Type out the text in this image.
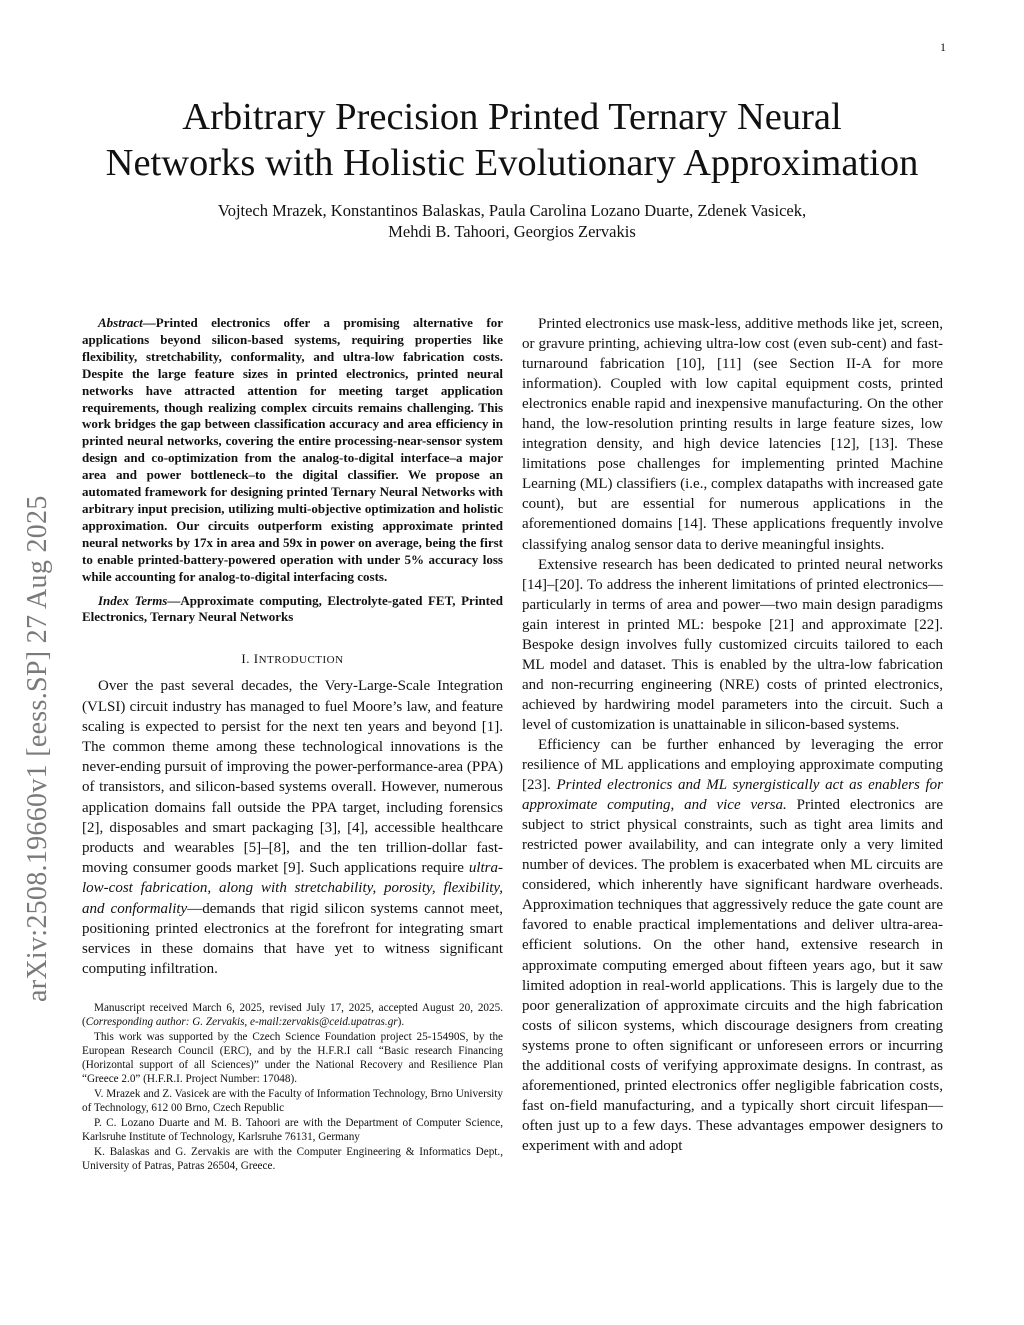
1
arXiv:2508.19660v1 [eess.SP] 27 Aug 2025
Arbitrary Precision Printed Ternary Neural
Networks with Holistic Evolutionary Approximation
Vojtech Mrazek, Konstantinos Balaskas, Paula Carolina Lozano Duarte, Zdenek Vasicek,
Mehdi B. Tahoori, Georgios Zervakis

Abstract—Printed electronics offer a promising alternative for applications beyond silicon-based systems, requiring properties like flexibility, stretchability, conformality, and ultra-low fabrication costs. Despite the large feature sizes in printed electronics, printed neural networks have attracted attention for meeting target application requirements, though realizing complex circuits remains challenging. This work bridges the gap between classification accuracy and area efficiency in printed neural networks, covering the entire processing-near-sensor system design and co-optimization from the analog-to-digital interface–a major area and power bottleneck–to the digital classifier. We propose an automated framework for designing printed Ternary Neural Networks with arbitrary input precision, utilizing multi-objective optimization and holistic approximation. Our circuits outperform existing approximate printed neural networks by 17x in area and 59x in power on average, being the first to enable printed-battery-powered operation with under 5% accuracy loss while accounting for analog-to-digital interfacing costs.

Index Terms—Approximate computing, Electrolyte-gated FET, Printed Electronics, Ternary Neural Networks

I. INTRODUCTION

Over the past several decades, the Very-Large-Scale Integration (VLSI) circuit industry has managed to fuel Moore’s law, and feature scaling is expected to persist for the next ten years and beyond [1]. The common theme among these technological innovations is the never-ending pursuit of improving the power-performance-area (PPA) of transistors, and silicon-based systems overall. However, numerous application domains fall outside the PPA target, including forensics [2], disposables and smart packaging [3], [4], accessible healthcare products and wearables [5]–[8], and the ten trillion-dollar fast-moving consumer goods market [9]. Such applications require ultra-low-cost fabrication, along with stretchability, porosity, flexibility, and conformality—demands that rigid silicon systems cannot meet, positioning printed electronics at the forefront for integrating smart services in these domains that have yet to witness significant computing infiltration.

Manuscript received March 6, 2025, revised July 17, 2025, accepted August 20, 2025. (Corresponding author: G. Zervakis, e-mail:zervakis@ceid.upatras.gr).

This work was supported by the Czech Science Foundation project 25-15490S, by the European Research Council (ERC), and by the H.F.R.I call “Basic research Financing (Horizontal support of all Sciences)” under the National Recovery and Resilience Plan “Greece 2.0” (H.F.R.I. Project Number: 17048).

V. Mrazek and Z. Vasicek are with the Faculty of Information Technology, Brno University of Technology, 612 00 Brno, Czech Republic

P. C. Lozano Duarte and M. B. Tahoori are with the Department of Computer Science, Karlsruhe Institute of Technology, Karlsruhe 76131, Germany

K. Balaskas and G. Zervakis are with the Computer Engineering & Informatics Dept., University of Patras, Patras 26504, Greece.

Printed electronics use mask-less, additive methods like jet, screen, or gravure printing, achieving ultra-low cost (even sub-cent) and fast-turnaround fabrication [10], [11] (see Section II-A for more information). Coupled with low capital equipment costs, printed electronics enable rapid and inexpensive manufacturing. On the other hand, the low-resolution printing results in large feature sizes, low integration density, and high device latencies [12], [13]. These limitations pose challenges for implementing printed Machine Learning (ML) classifiers (i.e., complex datapaths with increased gate count), but are essential for numerous applications in the aforementioned domains [14]. These applications frequently involve classifying analog sensor data to derive meaningful insights.

Extensive research has been dedicated to printed neural networks [14]–[20]. To address the inherent limitations of printed electronics—particularly in terms of area and power—two main design paradigms gain interest in printed ML: bespoke [21] and approximate [22]. Bespoke design involves fully customized circuits tailored to each ML model and dataset. This is enabled by the ultra-low fabrication and non-recurring engineering (NRE) costs of printed electronics, achieved by hardwiring model parameters into the circuit. Such a level of customization is unattainable in silicon-based systems.

Efficiency can be further enhanced by leveraging the error resilience of ML applications and employing approximate computing [23]. Printed electronics and ML synergistically act as enablers for approximate computing, and vice versa. Printed electronics are subject to strict physical constraints, such as tight area limits and restricted power availability, and can integrate only a very limited number of devices. The problem is exacerbated when ML circuits are considered, which inherently have significant hardware overheads. Approximation techniques that aggressively reduce the gate count are favored to enable practical implementations and deliver ultra-area-efficient solutions. On the other hand, extensive research in approximate computing emerged about fifteen years ago, but it saw limited adoption in real-world applications. This is largely due to the poor generalization of approximate circuits and the high fabrication costs of silicon systems, which discourage designers from creating systems prone to often significant or unforeseen errors or incurring the additional costs of verifying approximate designs. In contrast, as aforementioned, printed electronics offer negligible fabrication costs, fast on-field manufacturing, and a typically short circuit lifespan—often just up to a few days. These advantages empower designers to experiment with and adopt
